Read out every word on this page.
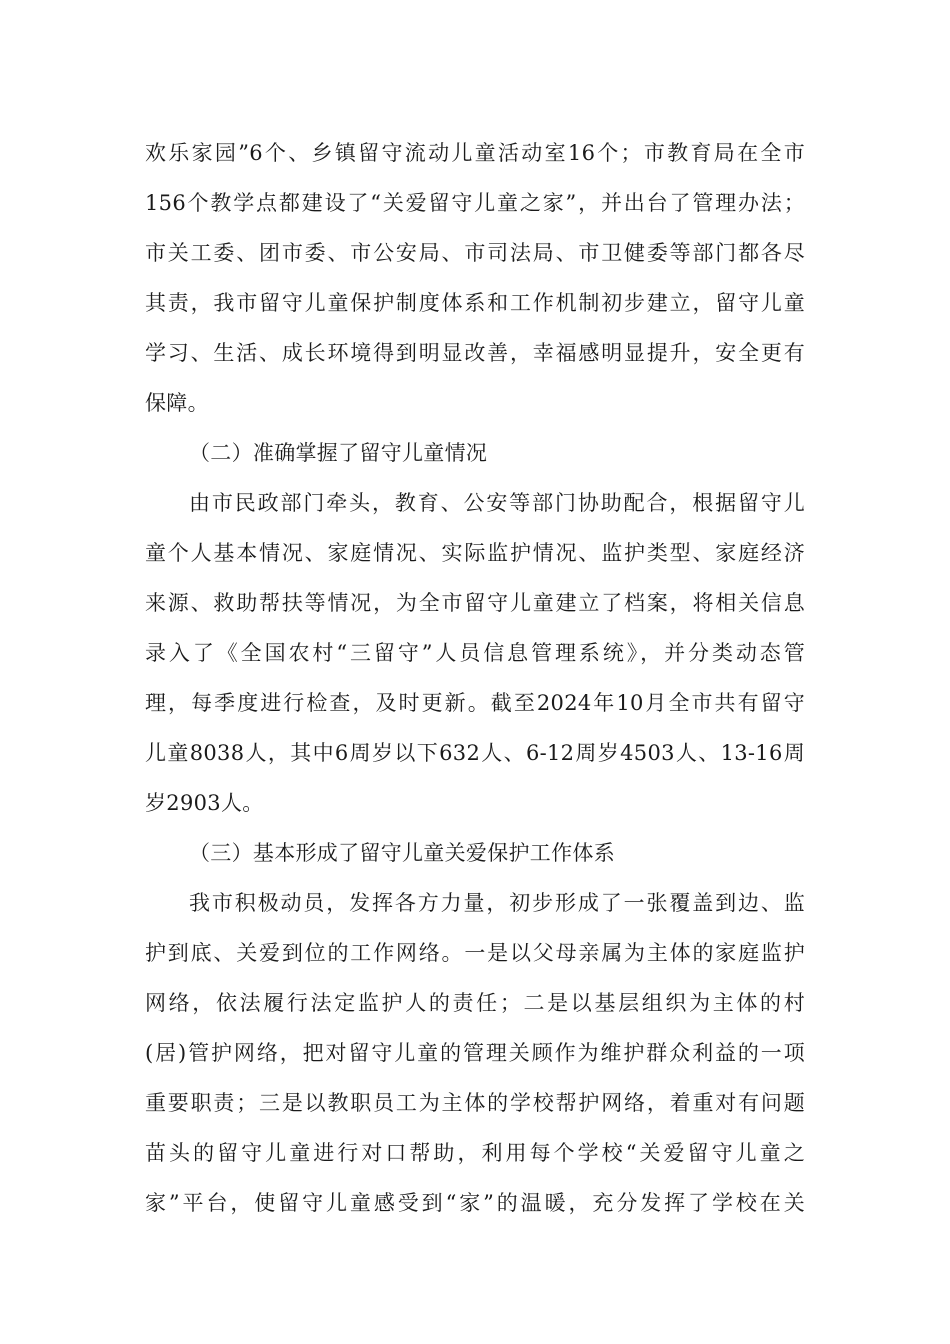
欢乐家园”6个、乡镇留守流动儿童活动室16个；市教育局在全市
156个教学点都建设了“关爱留守儿童之家”，并出台了管理办法；
市关工委、团市委、市公安局、市司法局、市卫健委等部门都各尽
其责，我市留守儿童保护制度体系和工作机制初步建立，留守儿童
学习、生活、成长环境得到明显改善，幸福感明显提升，安全更有
保障。
（二）准确掌握了留守儿童情况
由市民政部门牵头，教育、公安等部门协助配合，根据留守儿
童个人基本情况、家庭情况、实际监护情况、监护类型、家庭经济
来源、救助帮扶等情况，为全市留守儿童建立了档案，将相关信息
录入了《全国农村“三留守”人员信息管理系统》，并分类动态管
理，每季度进行检查，及时更新。截至2024年10月全市共有留守
儿童8038人，其中6周岁以下632人、6-12周岁4503人、13-16周
岁2903人。
（三）基本形成了留守儿童关爱保护工作体系
我市积极动员，发挥各方力量，初步形成了一张覆盖到边、监
护到底、关爱到位的工作网络。一是以父母亲属为主体的家庭监护
网络，依法履行法定监护人的责任；二是以基层组织为主体的村
(居)管护网络，把对留守儿童的管理关顾作为维护群众利益的一项
重要职责；三是以教职员工为主体的学校帮护网络，着重对有问题
苗头的留守儿童进行对口帮助，利用每个学校“关爱留守儿童之
家”平台，使留守儿童感受到“家”的温暖，充分发挥了学校在关
